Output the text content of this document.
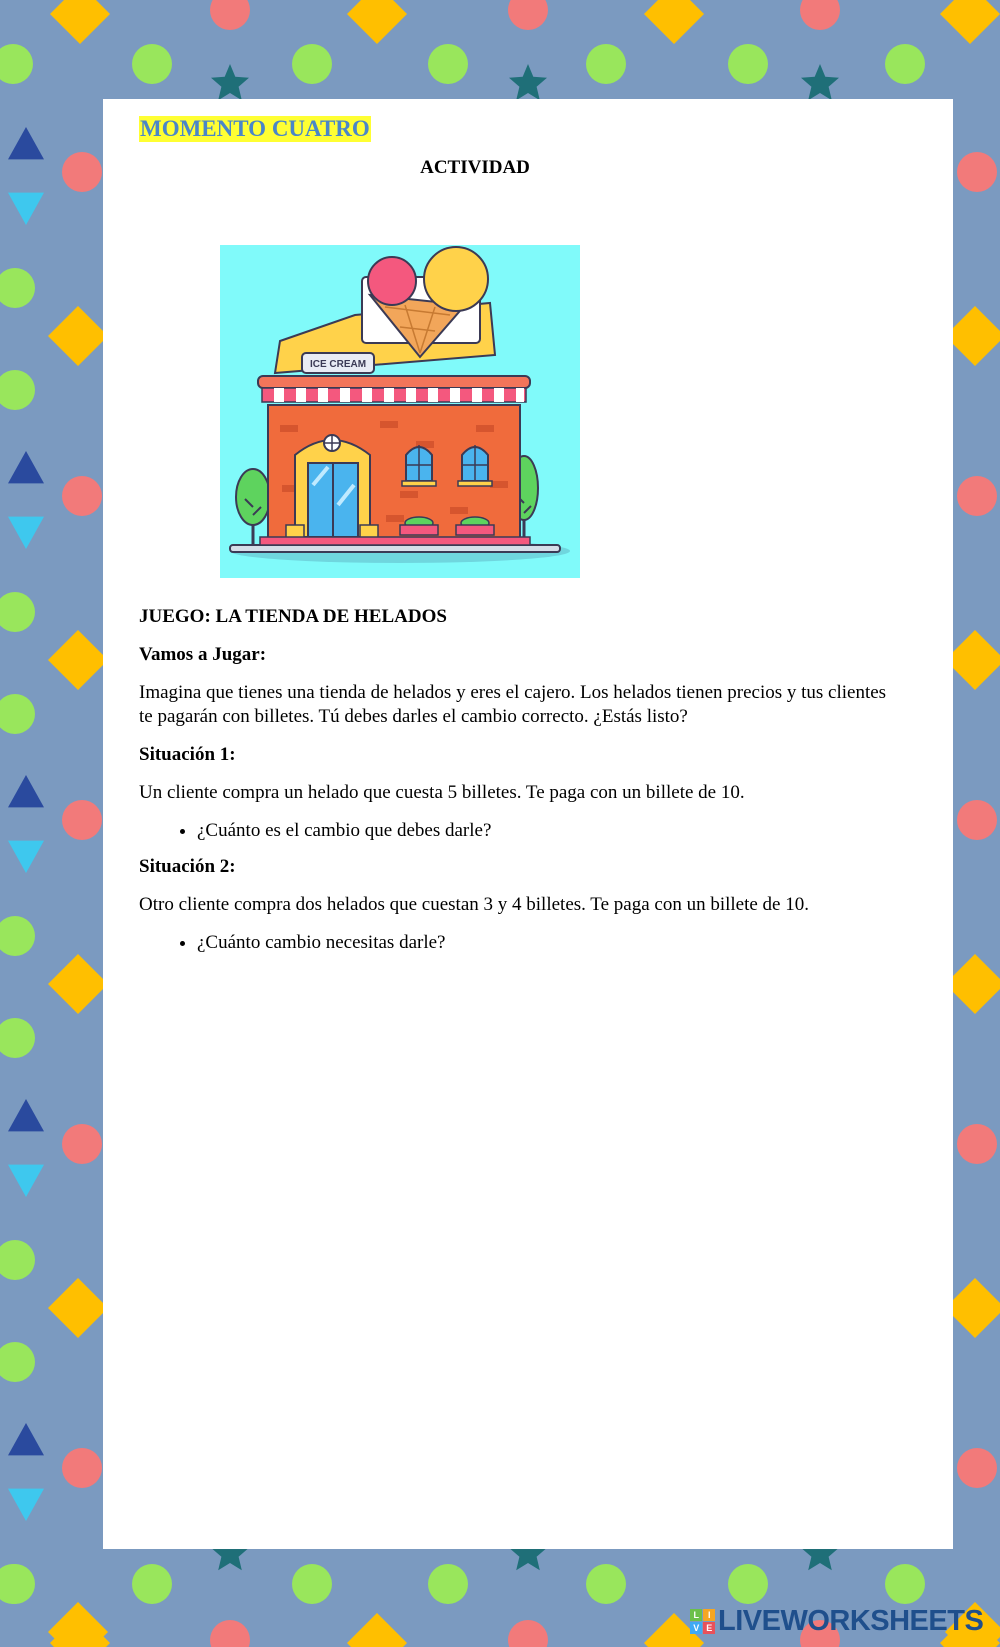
MOMENTO CUATRO
ACTIVIDAD
ICE CREAM

JUEGO: LA TIENDA DE HELADOS

Vamos a Jugar:

Imagina que tienes una tienda de helados y eres el cajero. Los helados tienen precios y tus clientes te pagarán con billetes. Tú debes darles el cambio correcto. ¿Estás listo?

Situación 1:

Un cliente compra un helado que cuesta 5 billetes. Te paga con un billete de 10.

• ¿Cuánto es el cambio que debes darle?

Situación 2:

Otro cliente compra dos helados que cuestan 3 y 4 billetes. Te paga con un billete de 10.

• ¿Cuánto cambio necesitas darle?
L	I
V E LIVEWORKSHEETS
